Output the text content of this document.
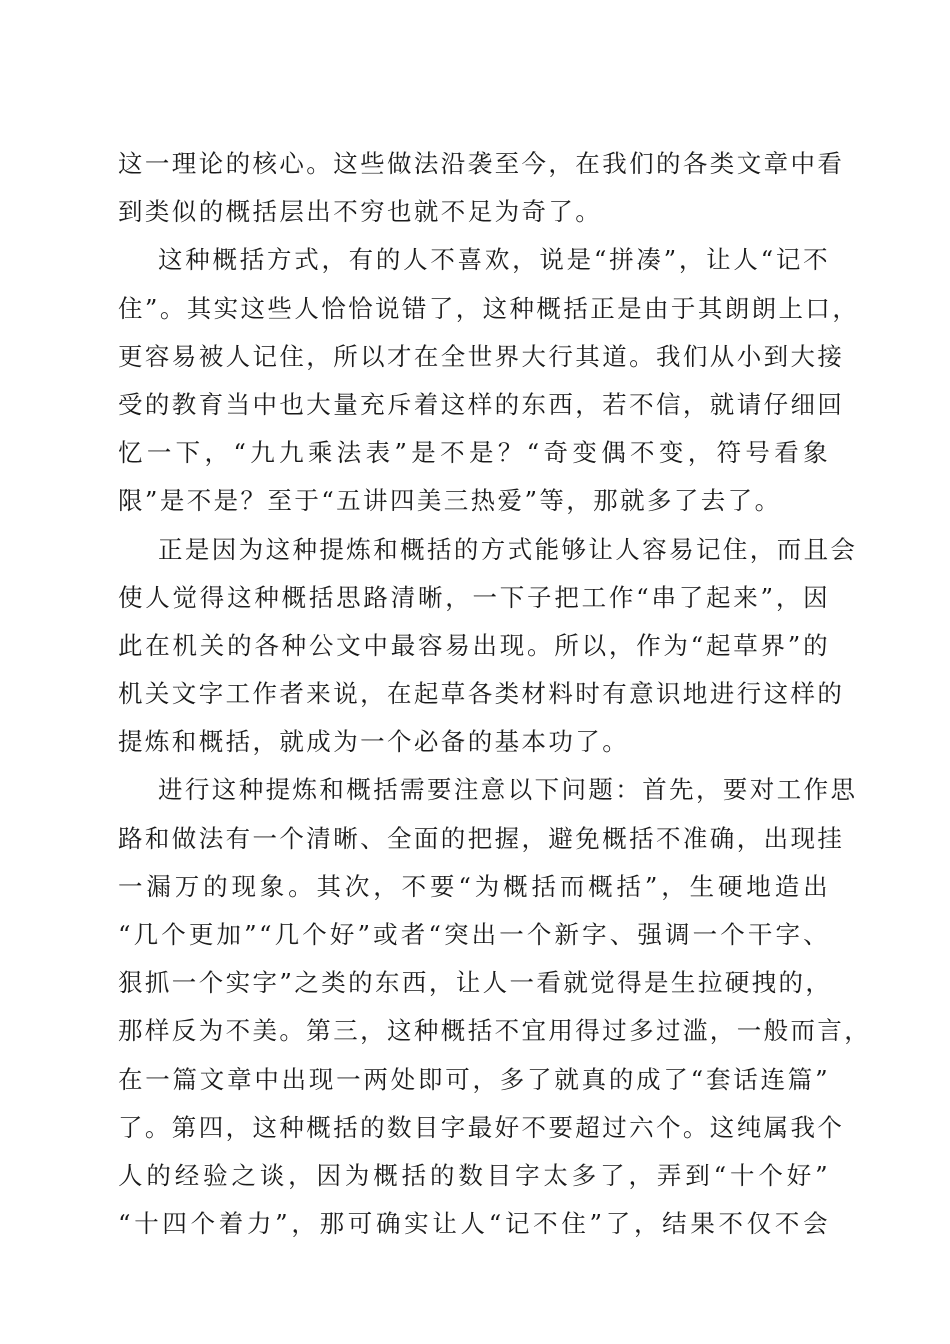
这一理论的核心。这些做法沿袭至今，在我们的各类文章中看
到类似的概括层出不穷也就不足为奇了。
这种概括方式，有的人不喜欢，说是“拼凑”，让人“记不
住”。其实这些人恰恰说错了，这种概括正是由于其朗朗上口，
更容易被人记住，所以才在全世界大行其道。我们从小到大接
受的教育当中也大量充斥着这样的东西，若不信，就请仔细回
忆一下，“九九乘法表”是不是？“奇变偶不变，符号看象
限”是不是？至于“五讲四美三热爱”等，那就多了去了。
正是因为这种提炼和概括的方式能够让人容易记住，而且会
使人觉得这种概括思路清晰，一下子把工作“串了起来”，因
此在机关的各种公文中最容易出现。所以，作为“起草界”的
机关文字工作者来说，在起草各类材料时有意识地进行这样的
提炼和概括，就成为一个必备的基本功了。
进行这种提炼和概括需要注意以下问题：首先，要对工作思
路和做法有一个清晰、全面的把握，避免概括不准确，出现挂
一漏万的现象。其次，不要“为概括而概括”，生硬地造出
“几个更加”“几个好”或者“突出一个新字、强调一个干字、
狠抓一个实字”之类的东西，让人一看就觉得是生拉硬拽的，
那样反为不美。第三，这种概括不宜用得过多过滥，一般而言，
在一篇文章中出现一两处即可，多了就真的成了“套话连篇”
了。第四，这种概括的数目字最好不要超过六个。这纯属我个
人的经验之谈，因为概括的数目字太多了，弄到“十个好”
“十四个着力”，那可确实让人“记不住”了，结果不仅不会
